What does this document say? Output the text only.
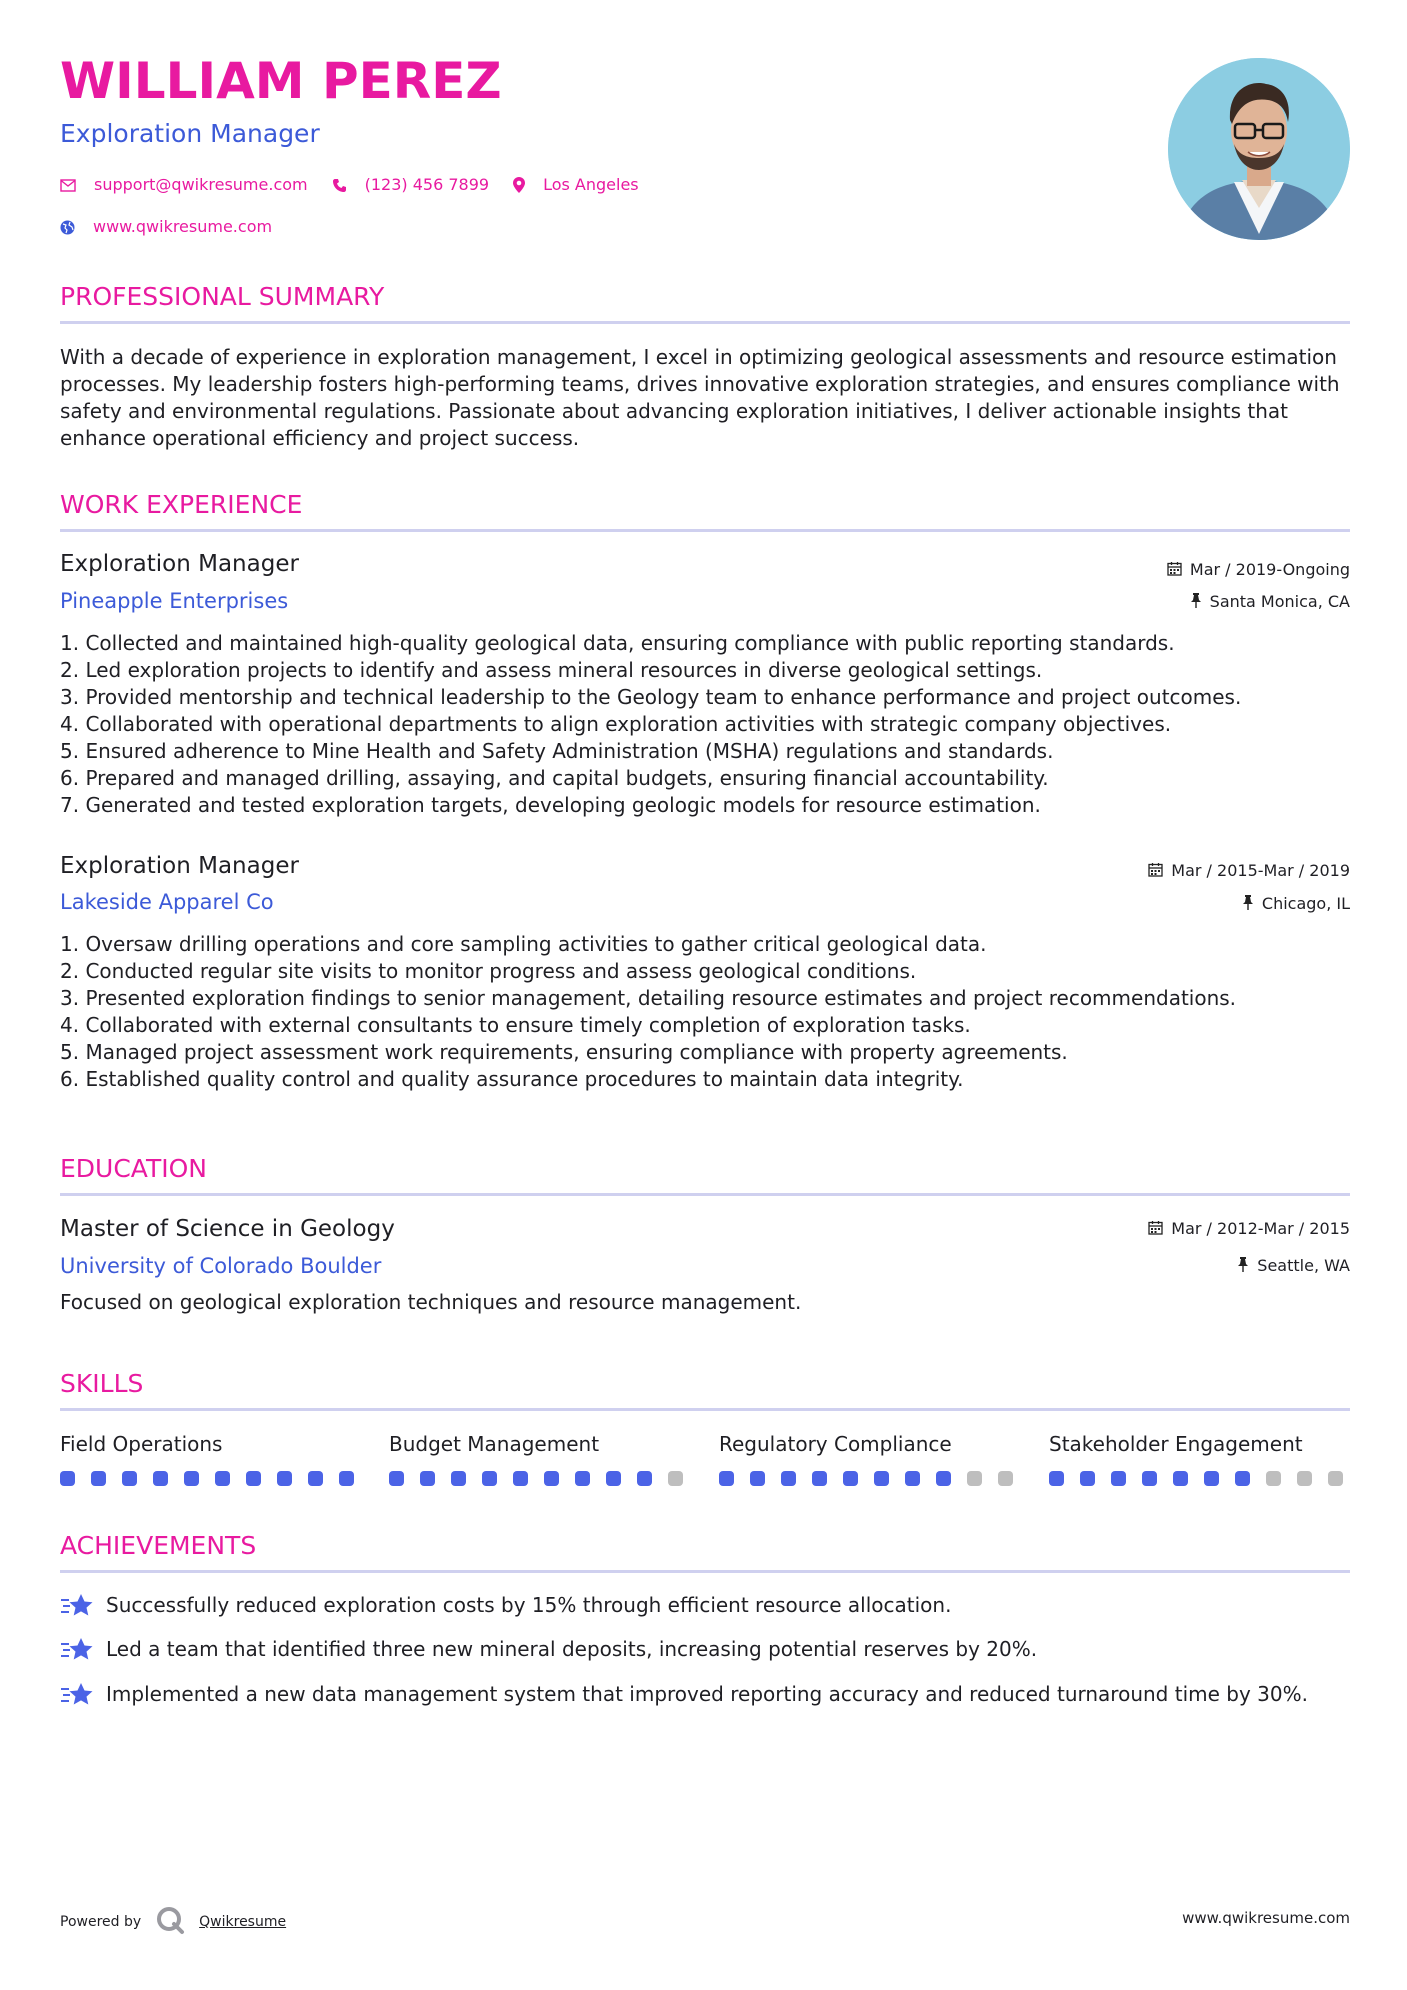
WILLIAM PEREZ
Exploration Manager
support@qwikresume.com	(123) 456 7899	Los Angeles
www.qwikresume.com
PROFESSIONAL SUMMARY
With a decade of experience in exploration management, I excel in optimizing geological assessments and resource estimation processes. My leadership fosters high-performing teams, drives innovative exploration strategies, and ensures compliance with safety and environmental regulations. Passionate about advancing exploration initiatives, I deliver actionable insights that enhance operational efficiency and project success.
WORK EXPERIENCE
Exploration Manager
Pineapple Enterprises
Mar / 2019-Ongoing
Santa Monica, CA
1. Collected and maintained high-quality geological data, ensuring compliance with public reporting standards.
2. Led exploration projects to identify and assess mineral resources in diverse geological settings.
3. Provided mentorship and technical leadership to the Geology team to enhance performance and project outcomes.
4. Collaborated with operational departments to align exploration activities with strategic company objectives.
5. Ensured adherence to Mine Health and Safety Administration (MSHA) regulations and standards.
6. Prepared and managed drilling, assaying, and capital budgets, ensuring financial accountability.
7. Generated and tested exploration targets, developing geologic models for resource estimation.
Exploration Manager
Lakeside Apparel Co
Mar / 2015-Mar / 2019
Chicago, IL
1. Oversaw drilling operations and core sampling activities to gather critical geological data.
2. Conducted regular site visits to monitor progress and assess geological conditions.
3. Presented exploration findings to senior management, detailing resource estimates and project recommendations.
4. Collaborated with external consultants to ensure timely completion of exploration tasks.
5. Managed project assessment work requirements, ensuring compliance with property agreements.
6. Established quality control and quality assurance procedures to maintain data integrity.
EDUCATION
Master of Science in Geology
University of Colorado Boulder
Mar / 2012-Mar / 2015
Seattle, WA
Focused on geological exploration techniques and resource management.
SKILLS
Field Operations	Budget Management	Regulatory Compliance	Stakeholder Engagement
ACHIEVEMENTS
Successfully reduced exploration costs by 15% through efficient resource allocation.
Led a team that identified three new mineral deposits, increasing potential reserves by 20%.
Implemented a new data management system that improved reporting accuracy and reduced turnaround time by 30%.
Powered by	Qwikresume	www.qwikresume.com
